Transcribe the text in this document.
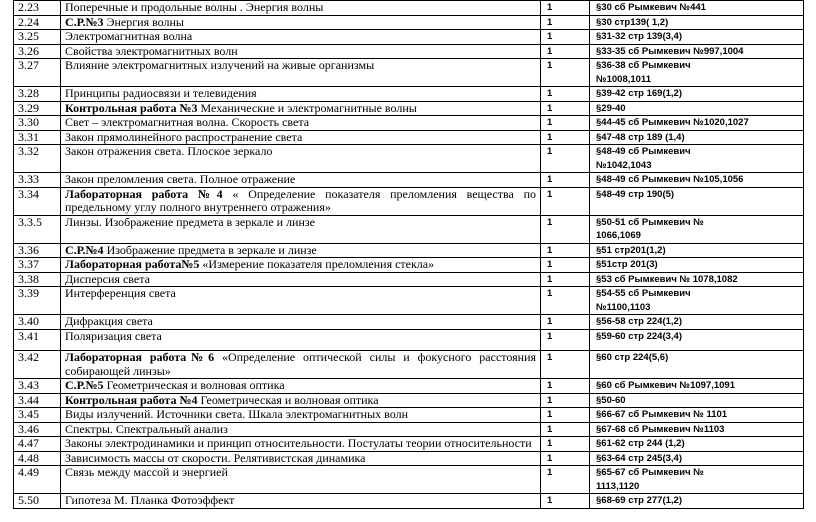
2.23	Поперечные и продольные волны . Энергия волны	1	§30 сб Рымкевич №441

2.24	С.Р.№3 Энергия волны	1	§30 стр139( 1,2)

3.25	Электромагнитная волна	1	§31-32 стр 139(3,4)

3.26	Свойства электромагнитных волн	1	§33-35 сб Рымкевич №997,1004

3.27	Влияние электромагнитных излучений на живые организмы	1	§36-38 сб Рымкевич
№1008,1011

3.28	Принципы радиосвязи и телевидения	1	§39-42 стр 169(1,2)

3.29	Контрольная работа №3 Механические и электромагнитные волны	1	§29-40

3.30	Свет – электромагнитная волна. Скорость света	1	§44-45 сб Рымкевич №1020,1027

3.31	Закон прямолинейного распространение света	1	§47-48 стр 189 (1,4)

3.32	Закон отражения света. Плоское зеркало	1	§48-49 сб Рымкевич
№1042,1043

3.33	Закон преломления света. Полное отражение	1	§48-49 сб Рымкевич №105,1056

3.34	Лабораторная работа №4 « Определение показателя преломления вещества по предельному углу полного внутреннего отражения»	1	§48-49 стр 190(5)

3.3.5	Линзы. Изображение предмета в зеркале и линзе	1	§50-51 сб Рымкевич №
1066,1069

3.36	С.Р.№4 Изображение предмета в зеркале и линзе	1	§51 стр201(1,2)

3.37	Лабораторная работа№5 «Измерение показателя преломления стекла»	1	§51стр 201(3)

3.38	Дисперсия света	1	§53 сб Рымкевич № 1078,1082

3.39	Интерференция света	1	§54-55 сб Рымкевич
№1100,1103

3.40	Дифракция света	1	§56-58 стр 224(1,2)

3.41	Поляризация света	1	§59-60 стр 224(3,4)

3.42	Лабораторная работа№6 «Определение оптической силы и фокусного расстояния собирающей линзы»	1	§60 стр 224(5,6)

3.43	С.Р.№5 Геометрическая и волновая оптика	1	§60 сб Рымкевич №1097,1091

3.44	Контрольная работа №4 Геометрическая и волновая оптика	1	§50-60

3.45	Виды излучений. Источники света. Шкала электромагнитных волн	1	§66-67 сб Рымкевич № 1101

3.46	Спектры. Спектральный анализ	1	§67-68 сб Рымкевич №1103

4.47	Законы электродинамики и принцип относительности. Постулаты теории относительности	1	§61-62 стр 244 (1,2)

4.48	Зависимость массы от скорости. Релятивистская динамика	1	§63-64 стр 245(3,4)

4.49	Связь между массой и энергией	1	§65-67 сб Рымкевич №
1113,1120

5.50	Гипотеза М. Планка Фотоэффект	1	§68-69 стр 277(1,2)
